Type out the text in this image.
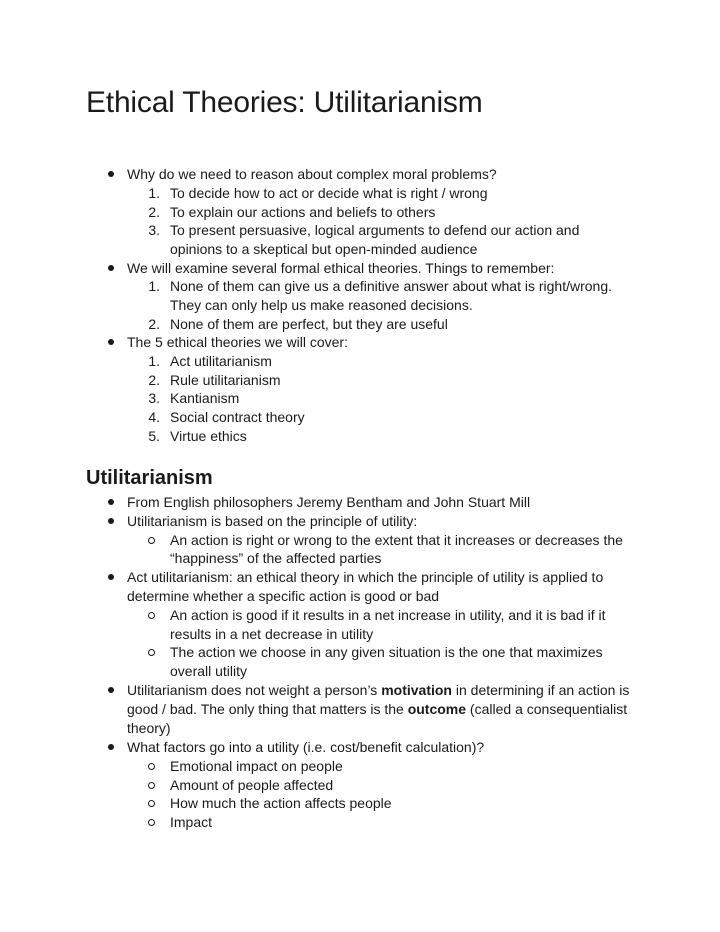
Ethical Theories: Utilitarianism
Why do we need to reason about complex moral problems?
1. To decide how to act or decide what is right / wrong
2. To explain our actions and beliefs to others
3. To present persuasive, logical arguments to defend our action and
opinions to a skeptical but open-minded audience
We will examine several formal ethical theories. Things to remember:
1. None of them can give us a definitive answer about what is right/wrong.
They can only help us make reasoned decisions.
2. None of them are perfect, but they are useful
The 5 ethical theories we will cover:
1. Act utilitarianism
2. Rule utilitarianism
3. Kantianism
4. Social contract theory
5. Virtue ethics
Utilitarianism
From English philosophers Jeremy Bentham and John Stuart Mill
Utilitarianism is based on the principle of utility:
An action is right or wrong to the extent that it increases or decreases the
“happiness” of the affected parties
Act utilitarianism: an ethical theory in which the principle of utility is applied to
determine whether a specific action is good or bad
An action is good if it results in a net increase in utility, and it is bad if it
results in a net decrease in utility
The action we choose in any given situation is the one that maximizes
overall utility
Utilitarianism does not weight a person’s motivation in determining if an action is
good / bad. The only thing that matters is the outcome (called a consequentialist
theory)
What factors go into a utility (i.e. cost/benefit calculation)?
Emotional impact on people
Amount of people affected
How much the action affects people
Impact
